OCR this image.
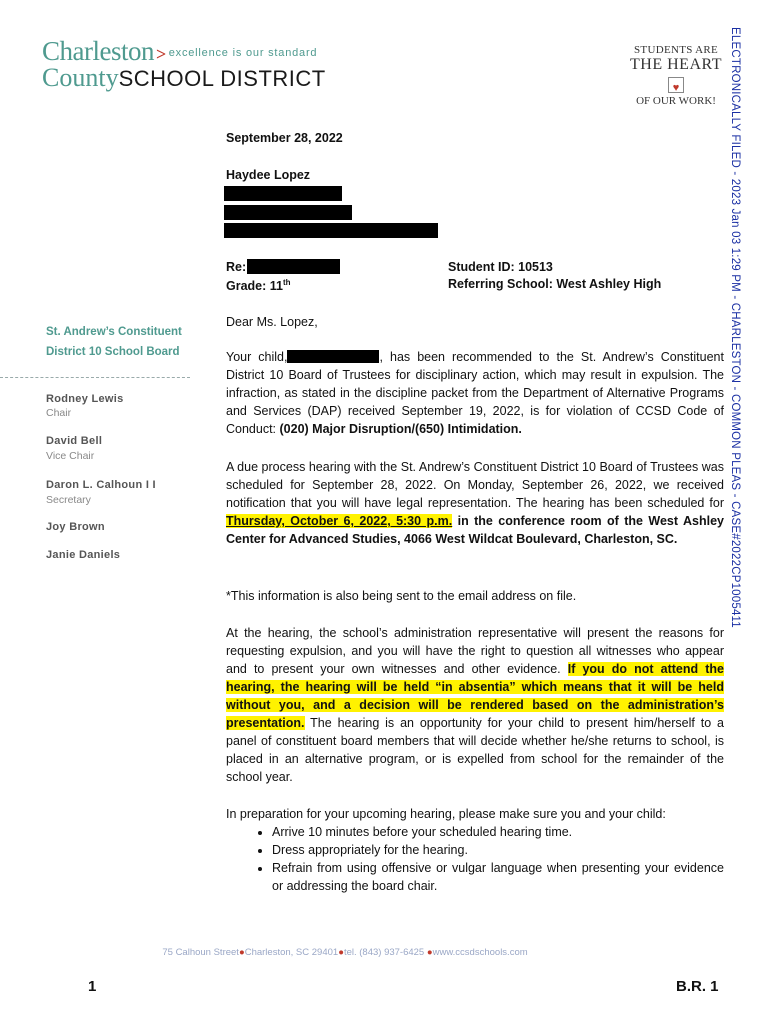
Charleston > excellence is our standard
CountySCHOOL DISTRICT
STUDENTS ARE
THE HEART
♥
OF OUR WORK!	ELECTRONICALLY FILED - 2023 Jan 03 1:29 PM - CHARLESTON - COMMON PLEAS - CASE#2022CP1005411
St. Andrew’s Constituent
District 10 School Board
Rodney Lewis
Chair
David Bell
Vice Chair
Daron L. Calhoun I I
Secretary
Joy Brown
Janie Daniels
September 28, 2022
Haydee Lopez
Re:
Grade: 11th
Student ID: 10513
Referring School: West Ashley High
Dear Ms. Lopez,
Your child,	, has been recommended to the St. Andrew’s Constituent District 10 Board of Trustees for disciplinary action, which may result in expulsion. The infraction, as stated in the discipline packet from the Department of Alternative Programs and Services (DAP) received September 19, 2022, is for violation of CCSD Code of Conduct: (020) Major Disruption/(650) Intimidation.
A due process hearing with the St. Andrew’s Constituent District 10 Board of Trustees was scheduled for September 28, 2022. On Monday, September 26, 2022, we received notification that you will have legal representation. The hearing has been scheduled for Thursday, October 6, 2022, 5:30 p.m. in the conference room of the West Ashley Center for Advanced Studies, 4066 West Wildcat Boulevard, Charleston, SC.
*This information is also being sent to the email address on file.
At the hearing, the school’s administration representative will present the reasons for requesting expulsion, and you will have the right to question all witnesses who appear and to present your own witnesses and other evidence. If you do not attend the hearing, the hearing will be held “in absentia” which means that it will be held without you, and a decision will be rendered based on the administration’s presentation. The hearing is an opportunity for your child to present him/herself to a panel of constituent board members that will decide whether he/she returns to school, is placed in an alternative program, or is expelled from school for the remainder of the school year.
In preparation for your upcoming hearing, please make sure you and your child:
• Arrive 10 minutes before your scheduled hearing time.
• Dress appropriately for the hearing.
• Refrain from using offensive or vulgar language when presenting your evidence or addressing the board chair.
75 Calhoun Street●Charleston, SC 29401●tel. (843) 937-6425 ●www.ccsdschools.com
1	B.R. 1
